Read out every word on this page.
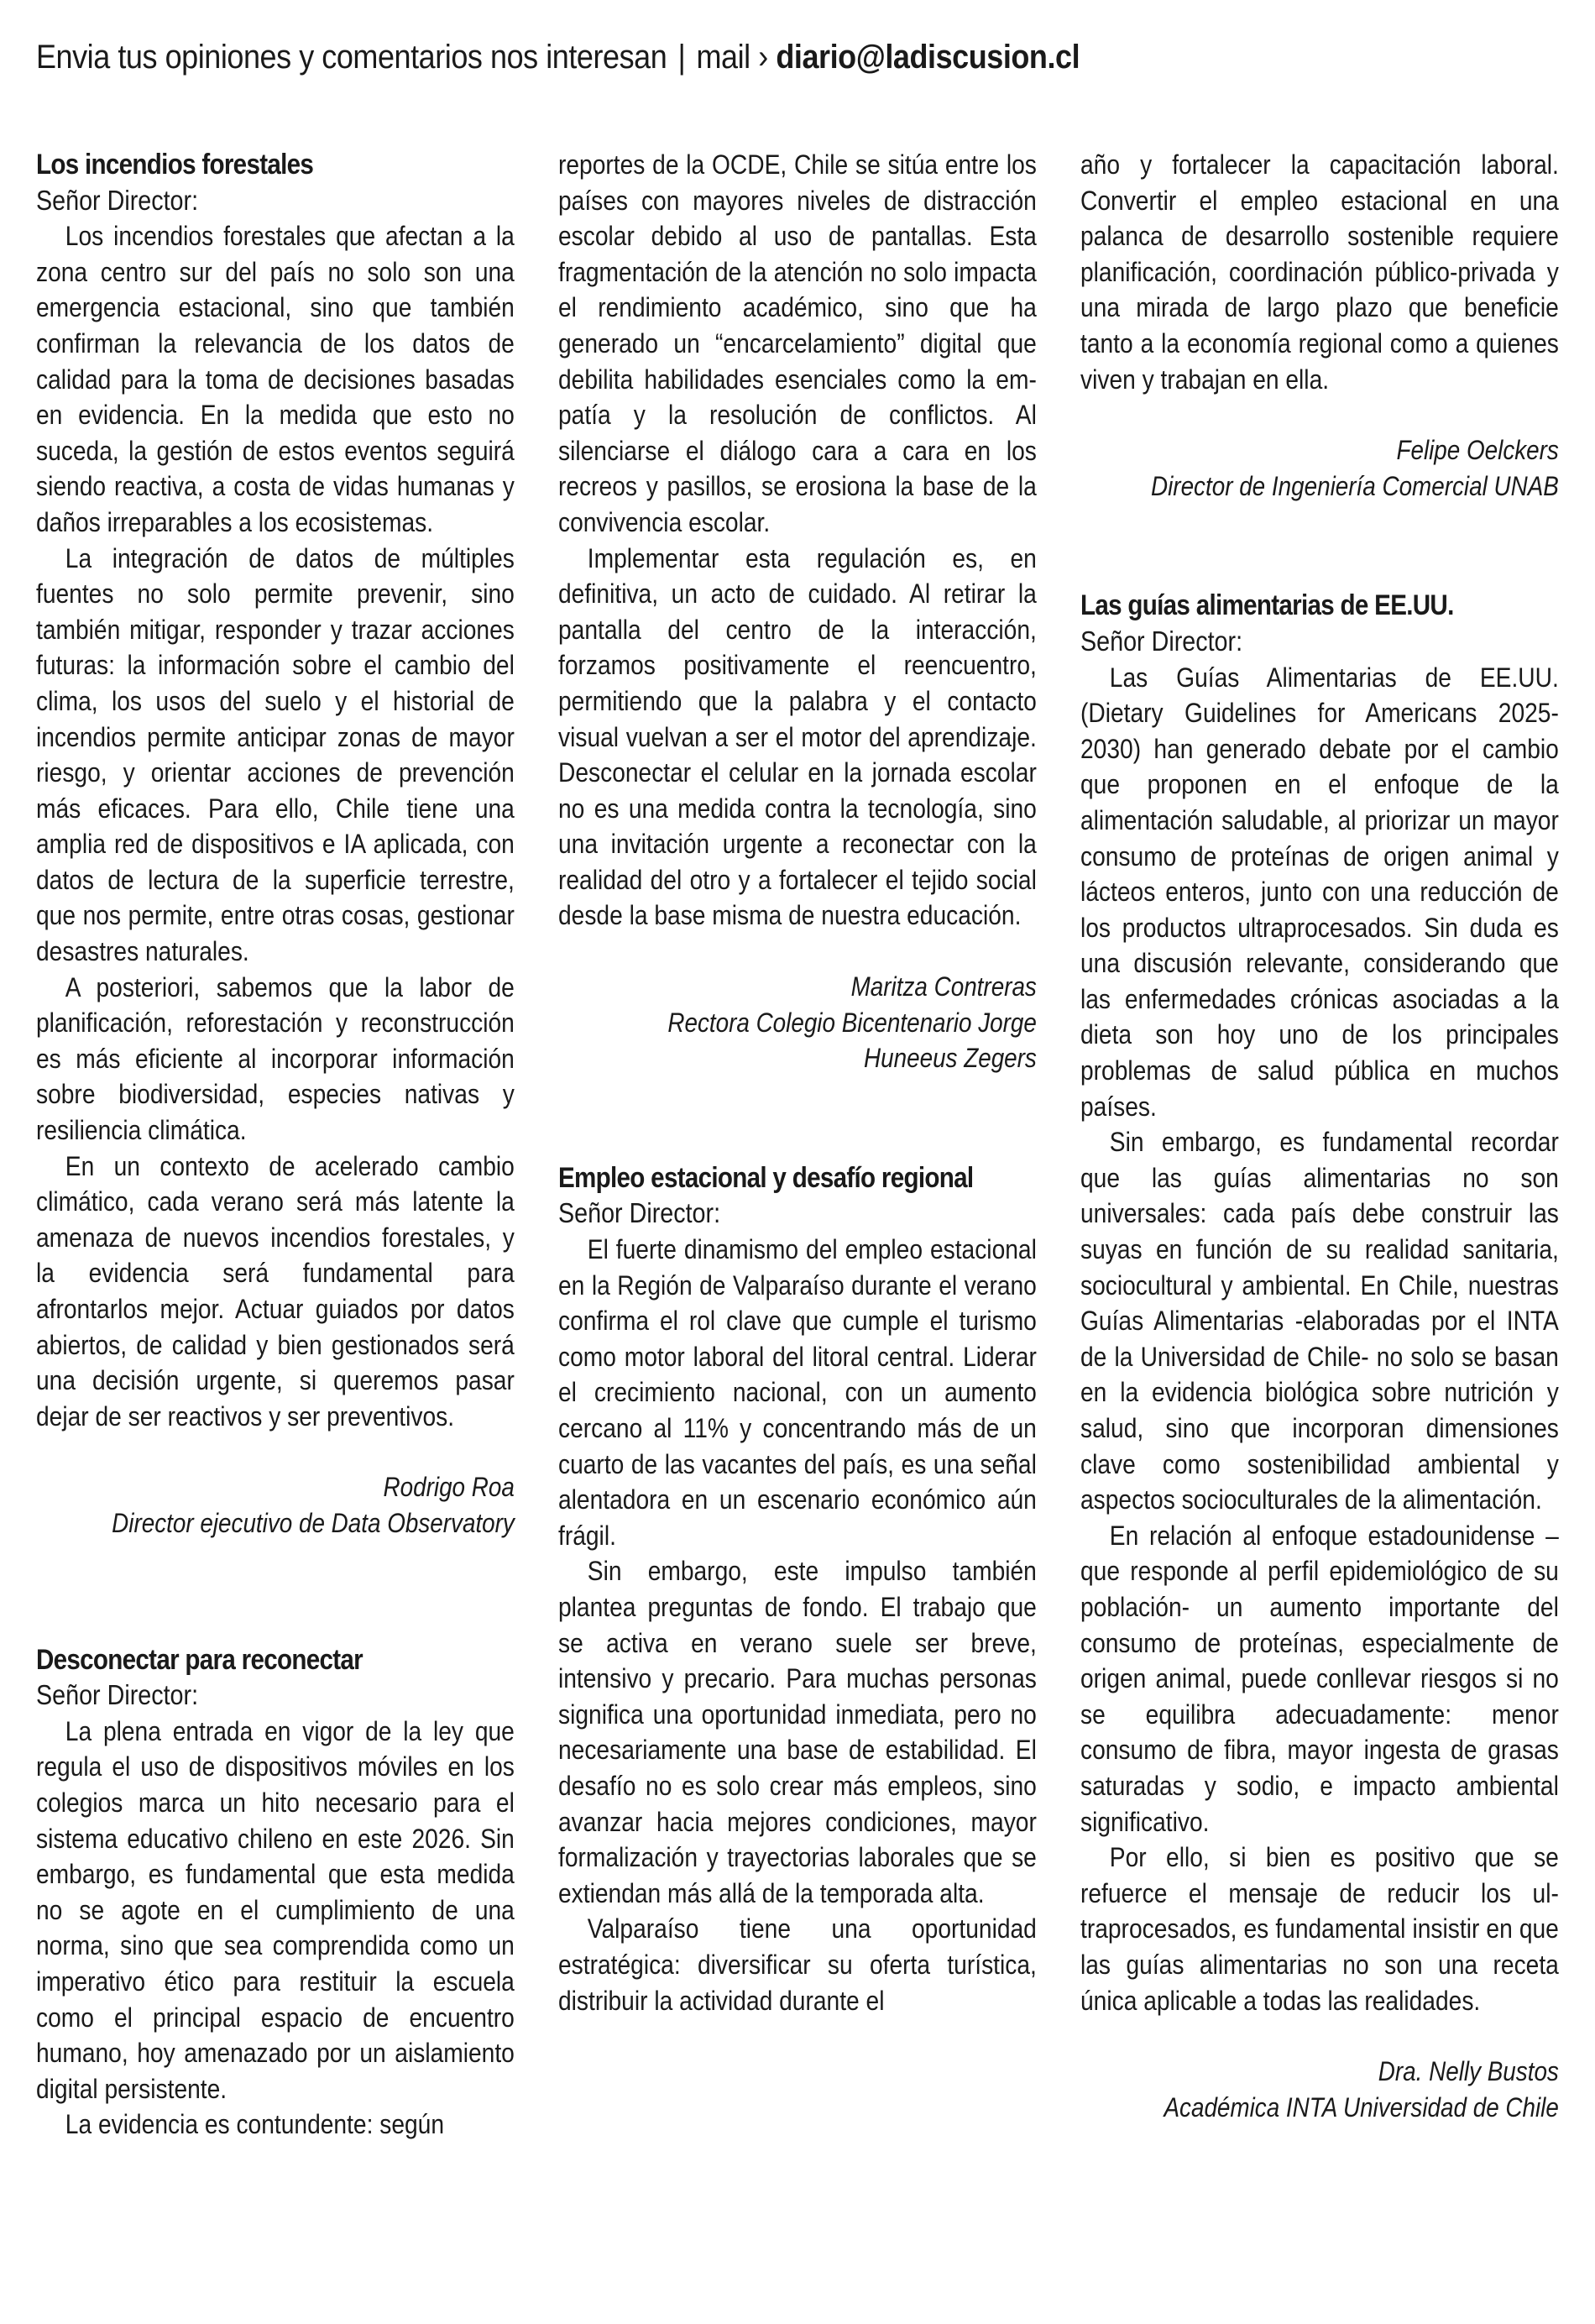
Envia tus opiniones y comentarios nos interesan | mail › diario@ladiscusion.cl
Los incendios forestales

Señor Director:

Los incendios forestales que afectan a la zona centro sur del país no solo son una emergencia estacional, sino que también confirman la relevancia de los datos de calidad para la toma de decisiones basadas en evidencia. En la medida que esto no suceda, la gestión de estos eventos seguirá siendo reactiva, a costa de vidas humanas y daños irreparables a los ecosistemas.

La integración de datos de múltiples fuentes no solo permite prevenir, sino también mitigar, responder y trazar acciones futuras: la información sobre el cambio del clima, los usos del suelo y el historial de incendios permite anticipar zonas de mayor riesgo, y orientar acciones de prevención más eficaces. Para ello, Chile tiene una amplia red de dispositivos e IA aplicada, con datos de lectura de la superficie terrestre, que nos permite, entre otras cosas, gestionar desastres naturales.

A posteriori, sabemos que la labor de planificación, reforestación y reconstrucción es más eficiente al incorporar información sobre biodiversidad, especies nativas y resiliencia climática.

En un contexto de acelerado cambio climático, cada verano será más latente la amenaza de nuevos incendios forestales, y la evidencia será fundamental para afrontarlos mejor. Actuar guiados por datos abiertos, de calidad y bien gestionados será una decisión urgente, si queremos pasar dejar de ser reactivos y ser preventivos.

Rodrigo Roa

Director ejecutivo de Data Observatory

Desconectar para reconectar

Señor Director:

La plena entrada en vigor de la ley que regula el uso de dispositivos móviles en los colegios marca un hito necesario para el sistema educativo chileno en este 2026. Sin embargo, es fundamental que esta medida no se agote en el cumplimiento de una norma, sino que sea comprendida como un imperativo ético para restituir la escuela como el principal espacio de encuentro humano, hoy amenazado por un aislamiento digital persistente.

La evidencia es contundente: según

reportes de la OCDE, Chile se sitúa entre los países con mayores niveles de distracción escolar debido al uso de pantallas. Esta fragmentación de la atención no solo impacta el rendimiento académico, sino que ha generado un “encarcelamiento” digital que debilita habilidades esenciales como la empatía y la resolución de conflictos. Al silenciarse el diálogo cara a cara en los recreos y pasillos, se erosiona la base de la convivencia escolar.

Implementar esta regulación es, en definitiva, un acto de cuidado. Al retirar la pantalla del centro de la interacción, forzamos positivamente el reencuentro, permitiendo que la palabra y el contacto visual vuelvan a ser el motor del aprendizaje. Desconectar el celular en la jornada escolar no es una medida contra la tecnología, sino una invitación urgente a reconectar con la realidad del otro y a fortalecer el tejido social desde la base misma de nuestra educación.

Maritza Contreras

Rectora Colegio Bicentenario Jorge

Huneeus Zegers

Empleo estacional y desafío regional

Señor Director:

El fuerte dinamismo del empleo estacional en la Región de Valparaíso durante el verano confirma el rol clave que cumple el turismo como motor laboral del litoral central. Liderar el crecimiento nacional, con un aumento cercano al 11% y concentrando más de un cuarto de las vacantes del país, es una señal alentadora en un escenario económico aún frágil.

Sin embargo, este impulso también plantea preguntas de fondo. El trabajo que se activa en verano suele ser breve, intensivo y precario. Para muchas personas significa una oportunidad inmediata, pero no necesariamente una base de estabilidad. El desafío no es solo crear más empleos, sino avanzar hacia mejores condiciones, mayor formalización y trayectorias laborales que se extiendan más allá de la temporada alta.

Valparaíso tiene una oportunidad estratégica: diversificar su oferta turística, distribuir la actividad durante el

año y fortalecer la capacitación laboral. Convertir el empleo estacional en una palanca de desarrollo sostenible requiere planificación, coordinación público-privada y una mirada de largo plazo que beneficie tanto a la economía regional como a quienes viven y trabajan en ella.

Felipe Oelckers

Director de Ingeniería Comercial UNAB

Las guías alimentarias de EE.UU.

Señor Director:

Las Guías Alimentarias de EE.UU. (Dietary Guidelines for Americans 2025-2030) han generado debate por el cambio que proponen en el enfoque de la alimentación saludable, al priorizar un mayor consumo de proteínas de origen animal y lácteos enteros, junto con una reducción de los productos ultraprocesados. Sin duda es una discusión relevante, considerando que las enfermedades crónicas asociadas a la dieta son hoy uno de los principales problemas de salud pública en muchos países.

Sin embargo, es fundamental recordar que las guías alimentarias no son universales: cada país debe construir las suyas en función de su realidad sanitaria, sociocultural y ambiental. En Chile, nuestras Guías Alimentarias -elaboradas por el INTA de la Universidad de Chile- no solo se basan en la evidencia biológica sobre nutrición y salud, sino que incorporan dimensiones clave como sostenibilidad ambiental y aspectos socioculturales de la alimentación.

En relación al enfoque estadounidense –que responde al perfil epidemiológico de su población- un aumento importante del consumo de proteínas, especialmente de origen animal, puede conllevar riesgos si no se equilibra adecuadamente: menor consumo de fibra, mayor ingesta de grasas saturadas y sodio, e impacto ambiental significativo.

Por ello, si bien es positivo que se refuerce el mensaje de reducir los ultraprocesados, es fundamental insistir en que las guías alimentarias no son una receta única aplicable a todas las realidades.

Dra. Nelly Bustos

Académica INTA Universidad de Chile
